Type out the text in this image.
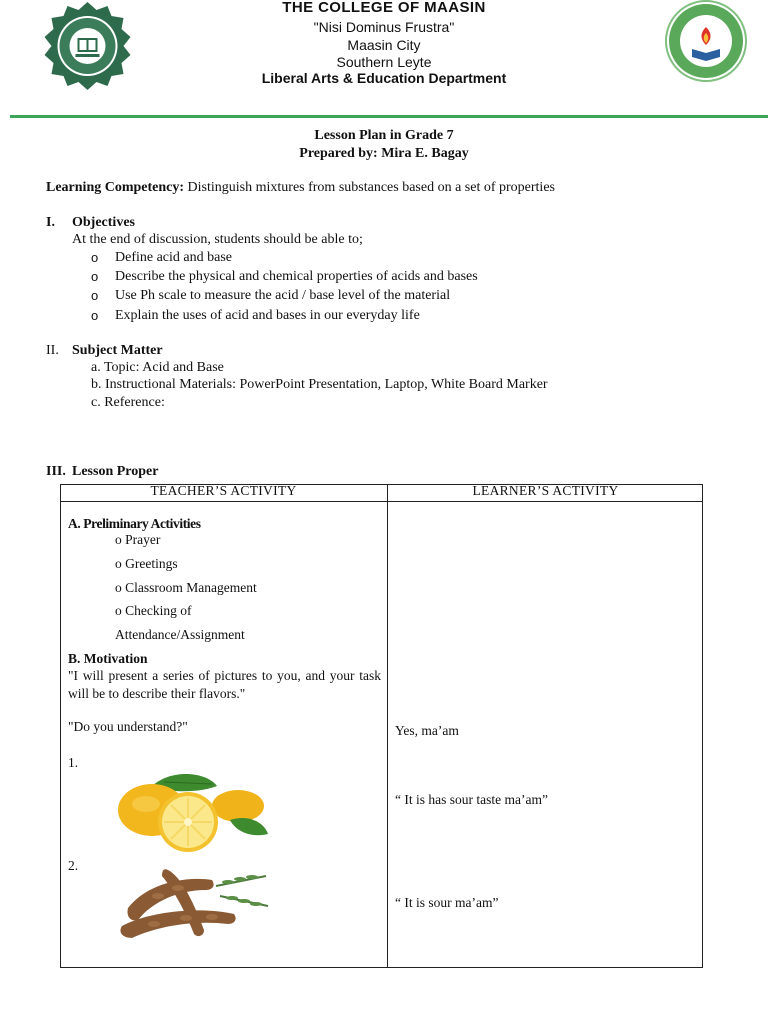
THE COLLEGE OF MAASIN
"Nisi Dominus Frustra"
Maasin City
Southern Leyte
Liberal Arts & Education Department
Lesson Plan in Grade 7
Prepared by: Mira E. Bagay
Learning Competency: Distinguish mixtures from substances based on a set of properties
I. Objectives
At the end of discussion, students should be able to;
o Define acid and base
o Describe the physical and chemical properties of acids and bases
o Use Ph scale to measure the acid / base level of the material
o Explain the uses of acid and bases in our everyday life
II. Subject Matter
a. Topic: Acid and Base
b. Instructional Materials: PowerPoint Presentation, Laptop, White Board Marker
c. Reference:
III. Lesson Proper
TEACHER’S ACTIVITY	LEARNER’S ACTIVITY
A. Preliminary Activities
o Prayer
o Greetings
o Classroom Management
o Checking of
Attendance/Assignment
B. Motivation
"I will present a series of pictures to you, and your task will be to describe their flavors."
"Do you understand?"
1.
2.
Yes, ma’am
“ It is has sour taste ma’am”
“ It is sour ma’am”
